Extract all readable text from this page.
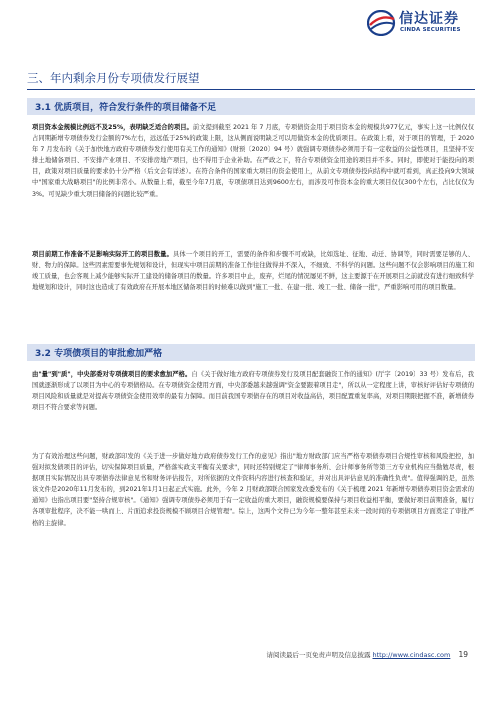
信达证券
CINDA SECURITIES
三、年内剩余月份专项债发行展望
3.1 优质项目，符合发行条件的项目储备不足

项目资本金规模比例远不及25%，表明缺乏适合的项目。前文提到截至 2021 年 7 月底，专项债资金用于项目资本金的规模共977亿元，事实上这一比例仅仅占同期新增专项债券发行金额的7%左右，远远低于25%的政策上限，这从侧面说明缺乏可以用做资本金的优质项目。在政策上看，对于项目的管理，于 2020 年 7 月发布的《关于加快地方政府专项债券发行使用有关工作的通知》(财预〔2020〕94 号）就强调专项债券必须用于有一定收益的公益性项目，且坚持不安排土地储备项目、不安排产业项目、不安排房地产项目，也不得用于企业补助。在严政之下，符合专项债资金用途的项目并不多。同时，即使对于能投向的项目，政策对项目质量的要求仍十分严格（后文会有详述）。在符合条件的国家重大项目的资金使用上，从前文专项债券投向结构中就可看到，真正投向9大领域中"国家重大战略项目"的比例非常小。从数量上看，截至今年7月底，专项债项目达到9600左右，而涉及可作资本金的重大项目仅仅300个左右，占比仅仅为3%。可见缺少重大项目储备的问题比较严重。

项目前期工作准备不足影响实际开工的项目数量。具体一个项目的开工，需要的条件和步骤不可或缺，比如选址、征地、动迁、协调等，同时需要足够的人、财、物力的保障。这些因素需要事先规划和设计，但现实中项目前期的准备工作往往做得并不深入，不细致、不科学的问题。这些问题不仅会影响项目的施工和竣工质量，也会客观上减少能够实际开工建设的储备项目的数量。许多项目中止，废弃，烂尾的情况屡见不鲜，这主要源于在开展项目之前就没有进行细致科学地规划和设计，同时这也造成了有效政府在开展本地区储备项目的时候难以做到"施工一批、在建一批、竣工一批、储备一批"，严重影响可用的项目数量。

3.2 专项债项目的审批愈加严格

由"量"到"质"，中央部委对专项债项目的要求愈加严格。自《关于做好地方政府专项债券发行及项目配套融资工作的通知》(厅字〔2019〕33 号）发布后，我国就逐渐形成了以项目为中心的专项债格局。在专项债资金使用方面，中央部委越来越强调"资金要跟着项目走"，所以从一定程度上讲，审核好评估好专项债的项目风险和质量就是对提高专项债资金使用效率的最有力保障。而目前我国专项债存在的项目对收益高估，项目配置重复率高，对项目期限把握不准，新增债券项目不符合要求等问题。

为了有效治理这些问题，财政部印发的《关于进一步做好地方政府债券发行工作的意见》指出"地方财政部门应当严格专项债券项目合规性审核和风险把控，加强对拟发债项目的评估，切实保障项目质量，严格落实政支平衡有关要求"，同时还特别规定了"律师事务所、会计师事务所等第三方专业机构应当勤勉尽责，根据项目实际情况出具专项债券法律意见书和财务评估报告，对所依据的文件资料内容进行核查和验证，并对出具评估意见的准确性负责"。值得强调的是，虽然该文件是2020年11月发布的，到2021年1月1日起正式实施。此外，今年 2 月财政部联合国家发改委发布的《关于梳理 2021 年新增专项债券项目资金需求的通知》也指出项目要"坚持合规审核"。《通知》强调专项债券必须用于有一定收益的重大项目，融资规模要保持与项目收益相平衡，要做好项目前期准备，履行各项审批程序，决不能一哄而上、片面追求投资规模不顾项目合规管理"。综上，这两个文件已为今年一整年甚至未来一段时间的专项债项目方面奠定了审批严格的主旋律。

请阅读最后一页免责声明及信息披露 http://www.cindasc.com 19
